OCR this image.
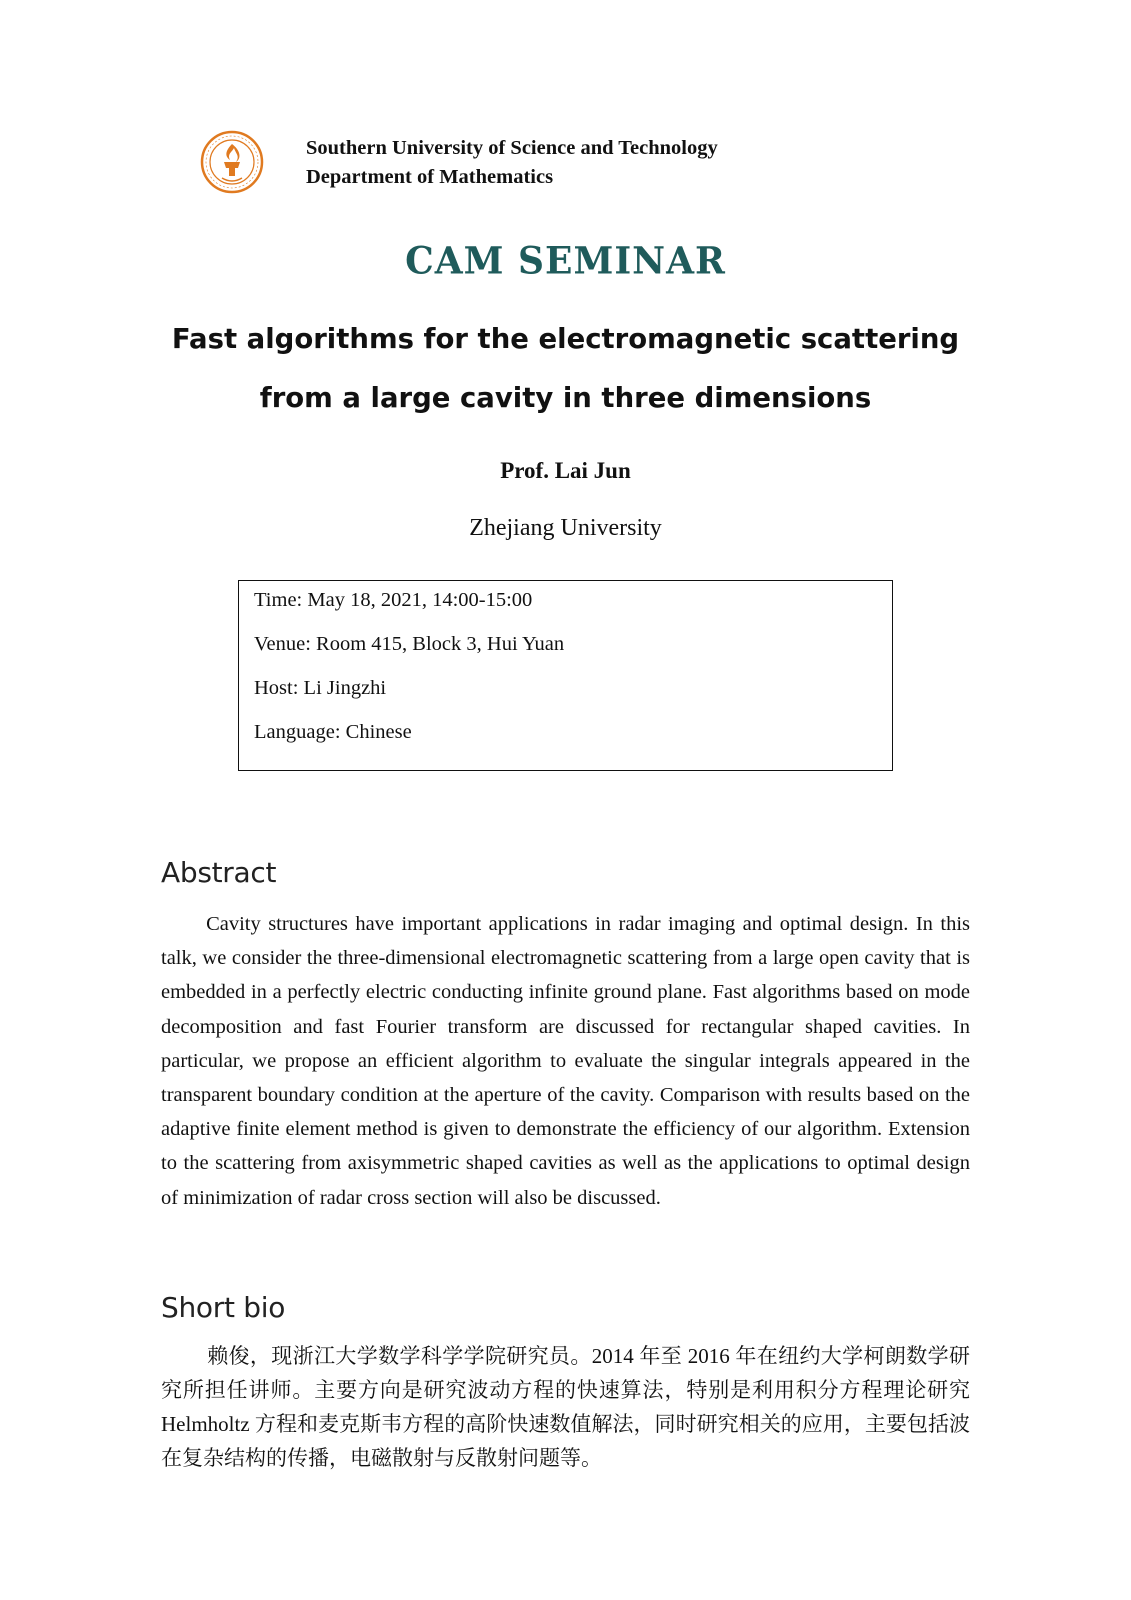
Southern University of Science and Technology
Department of Mathematics
CAM SEMINAR
Fast algorithms for the electromagnetic scattering
from a large cavity in three dimensions
Prof. Lai Jun
Zhejiang University
Time: May 18, 2021, 14:00-15:00
Venue: Room 415, Block 3, Hui Yuan
Host: Li Jingzhi
Language: Chinese
Abstract
Cavity structures have important applications in radar imaging and optimal design. In this talk, we consider the three-dimensional electromagnetic scattering from a large open cavity that is embedded in a perfectly electric conducting infinite ground plane. Fast algorithms based on mode decomposition and fast Fourier transform are discussed for rectangular shaped cavities. In particular, we propose an efficient algorithm to evaluate the singular integrals appeared in the transparent boundary condition at the aperture of the cavity. Comparison with results based on the adaptive finite element method is given to demonstrate the efficiency of our algorithm. Extension to the scattering from axisymmetric shaped cavities as well as the applications to optimal design of minimization of radar cross section will also be discussed.
Short bio
赖俊，现浙江大学数学科学学院研究员。2014 年至 2016 年在纽约大学柯朗数学研究所担任讲师。主要方向是研究波动方程的快速算法，特别是利用积分方程理论研究 Helmholtz 方程和麦克斯韦方程的高阶快速数值解法，同时研究相关的应用，主要包括波在复杂结构的传播，电磁散射与反散射问题等。
